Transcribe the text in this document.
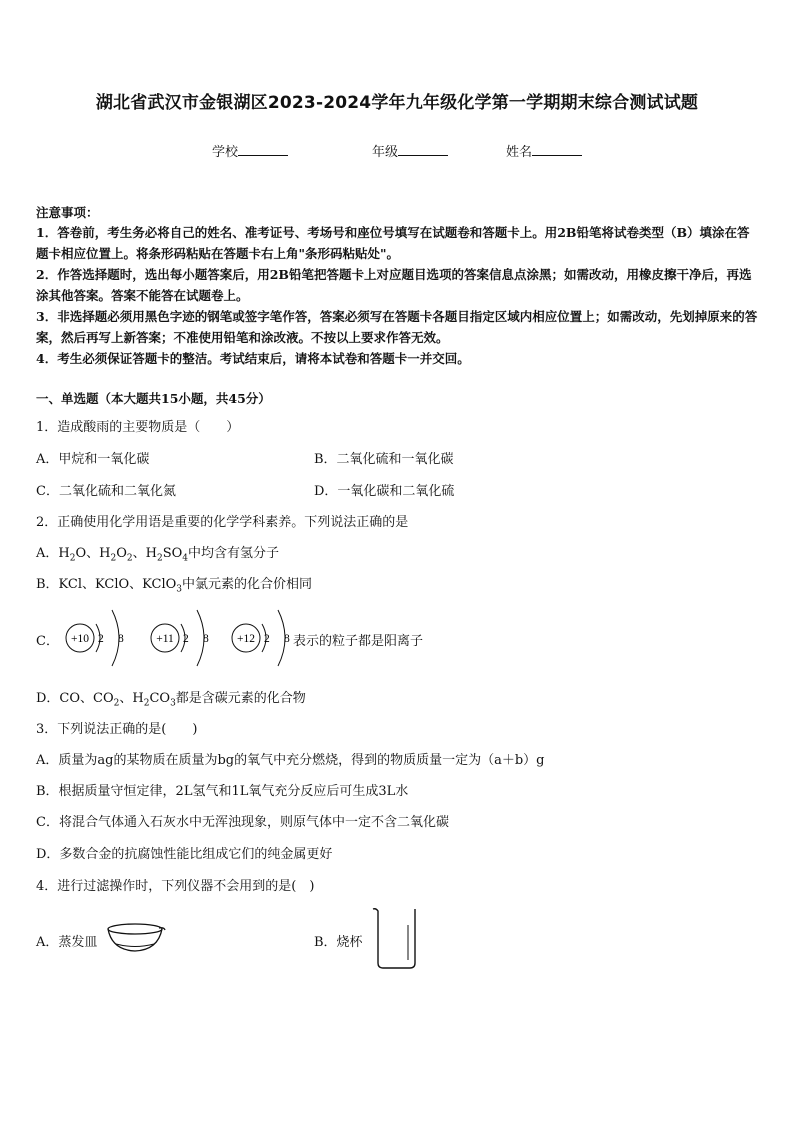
湖北省武汉市金银湖区2023-2024学年九年级化学第一学期期末综合测试试题
学校	年级	姓名
注意事项：
1．答卷前，考生务必将自己的姓名、准考证号、考场号和座位号填写在试题卷和答题卡上。用2B铅笔将试卷类型（B）填涂在答题卡相应位置上。将条形码粘贴在答题卡右上角"条形码粘贴处"。
2．作答选择题时，选出每小题答案后，用2B铅笔把答题卡上对应题目选项的答案信息点涂黑；如需改动，用橡皮擦干净后，再选涂其他答案。答案不能答在试题卷上。
3．非选择题必须用黑色字迹的钢笔或签字笔作答，答案必须写在答题卡各题目指定区域内相应位置上；如需改动，先划掉原来的答案，然后再写上新答案；不准使用铅笔和涂改液。不按以上要求作答无效。
4．考生必须保证答题卡的整洁。考试结束后，请将本试卷和答题卡一并交回。
一、单选题（本大题共15小题，共45分）
1．造成酸雨的主要物质是（　　）
A．甲烷和一氧化碳	B．二氧化硫和一氧化碳
C．二氧化硫和二氧化氮	D．一氧化碳和二氧化硫
2．正确使用化学用语是重要的化学学科素养。下列说法正确的是
A．$H_2O$、$H_2O_2$、$H_2SO_4$中均含有氢分子
B．KCl、KClO、KClO$_3$中氯元素的化合价相同
C． +10 2 8	+11 2 8 +12 2 8 表示的粒子都是阳离子
D．CO、$CO_2$、$H_2CO_3$都是含碳元素的化合物
3．下列说法正确的是(　　)
A．质量为ag的某物质在质量为bg的氧气中充分燃烧，得到的物质质量一定为（a＋b）g
B．根据质量守恒定律，2L氢气和1L氧气充分反应后可生成3L水
C．将混合气体通入石灰水中无浑浊现象，则原气体中一定不含二氧化碳
D．多数合金的抗腐蚀性能比组成它们的纯金属更好
4．进行过滤操作时，下列仪器不会用到的是(　)
A．蒸发皿	B．烧杯
